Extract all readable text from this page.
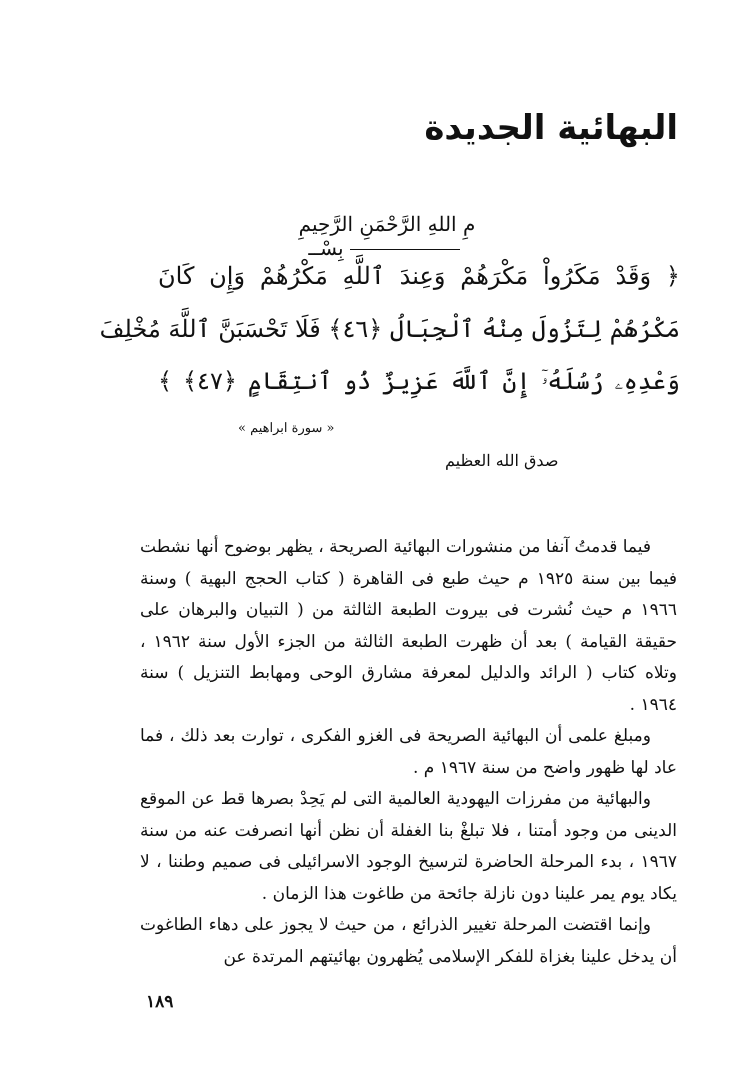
البهائية الجديدة
مِ اللهِ الرَّحْمَنِ الرَّحِيمِبِسْــ
﴿ وَقَدْ مَكَرُواْ مَكْرَهُمْ وَعِندَ ٱللَّهِ مَكْرُهُمْ وَإِن كَانَ
مَكْرُهُمْ لِتَزُولَ مِنْهُ ٱلْجِبَالُ ﴿٤٦﴾ فَلَا تَحْسَبَنَّ ٱللَّهَ مُخْلِفَ
وَعْدِهِۦ رُسُلَهُۥٓ إِنَّ ٱللَّهَ عَزِيزٌ ذُو ٱنتِقَامٍ ﴿٤٧﴾ ﴾
« سورة ابراهيم »
صدق الله العظيم

فيما قدمتُ آنفا من منشورات البهائية الصريحة ، يظهر بوضوح أنها نشطت فيما بين سنة ١٩٢٥ م حيث طبع فى القاهرة ( كتاب الحجج البهية ) وسنة ١٩٦٦ م حيث نُشرت فى بيروت الطبعة الثالثة من ( التبيان والبرهان على حقيقة القيامة ) بعد أن ظهرت الطبعة الثالثة من الجزء الأول سنة ١٩٦٢ ، وتلاه كتاب ( الرائد والدليل لمعرفة مشارق الوحى ومهابط التنزيل ) سنة ١٩٦٤ .

ومبلغ علمى أن البهائية الصريحة فى الغزو الفكرى ، توارت بعد ذلك ، فما عاد لها ظهور واضح من سنة ١٩٦٧ م .

والبهائية من مفرزات اليهودية العالمية التى لم يَحِدْ بصرها قط عن الموقع الدينى من وجود أمتنا ، فلا تبلغْ بنا الغفلة أن نظن أنها انصرفت عنه من سنة ١٩٦٧ ، بدء المرحلة الحاضرة لترسيخ الوجود الاسرائيلى فى صميم وطننا ، لا يكاد يوم يمر علينا دون نازلة جائحة من طاغوت هذا الزمان .

وإنما اقتضت المرحلة تغيير الذرائع ، من حيث لا يجوز على دهاء الطاغوت أن يدخل علينا بغزاة للفكر الإسلامى يُظهرون بهائيتهم المرتدة عن

١٨٩
